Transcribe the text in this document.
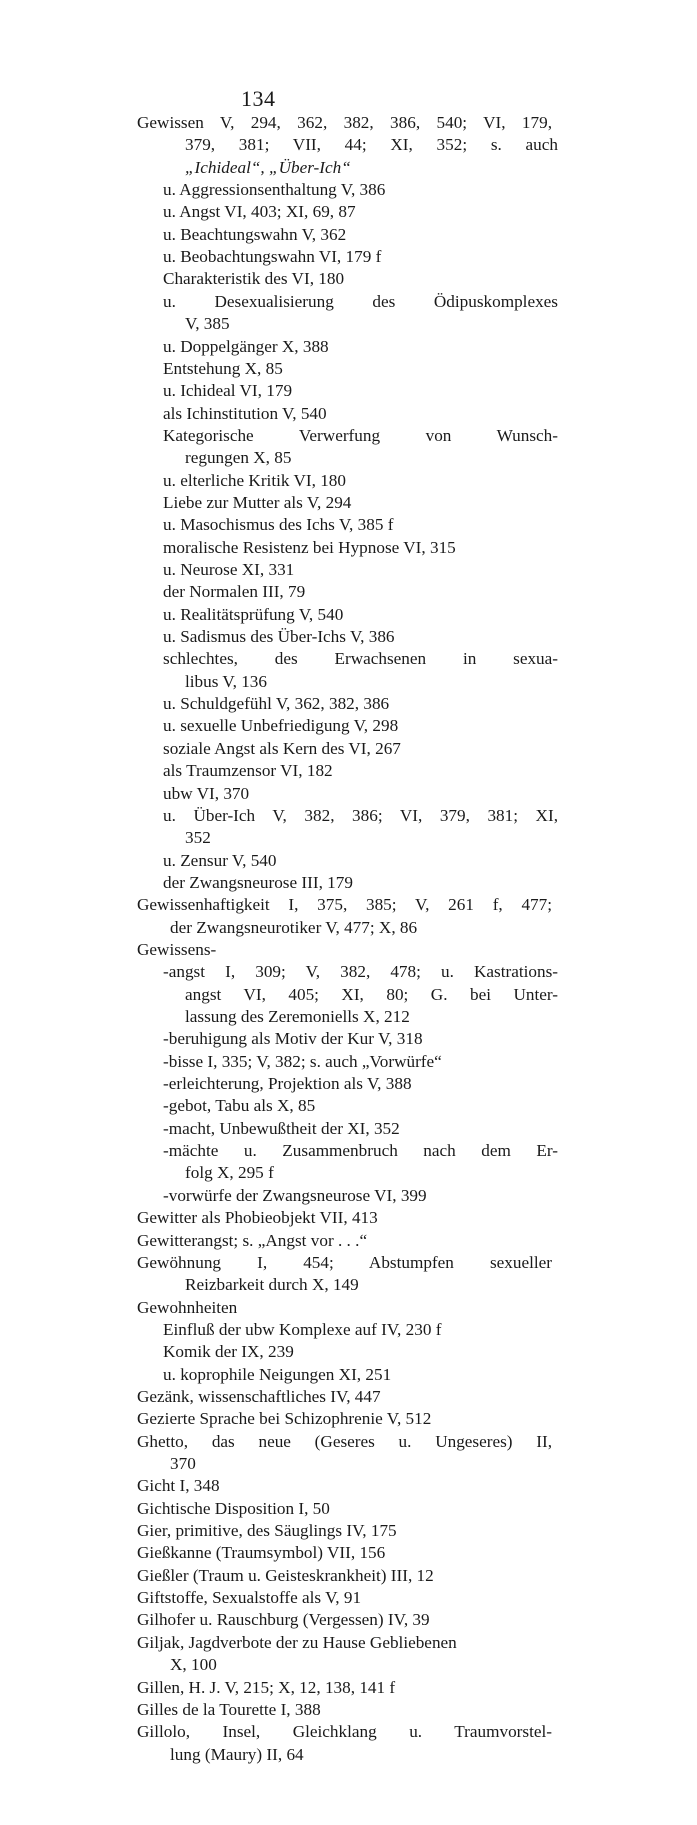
134
Gewissen V, 294, 362, 382, 386, 540; VI, 179,
379, 381; VII, 44; XI, 352; s. auch
„Ichideal“, „Über-Ich“
u. Aggressionsenthaltung V, 386
u. Angst VI, 403; XI, 69, 87
u. Beachtungswahn V, 362
u. Beobachtungswahn VI, 179 f
Charakteristik des VI, 180
u. Desexualisierung des Ödipuskomplexes
V, 385
u. Doppelgänger X, 388
Entstehung X, 85
u. Ichideal VI, 179
als Ichinstitution V, 540
Kategorische Verwerfung von Wunsch-
regungen X, 85
u. elterliche Kritik VI, 180
Liebe zur Mutter als V, 294
u. Masochismus des Ichs V, 385 f
moralische Resistenz bei Hypnose VI, 315
u. Neurose XI, 331
der Normalen III, 79
u. Realitätsprüfung V, 540
u. Sadismus des Über-Ichs V, 386
schlechtes, des Erwachsenen in sexua-
libus V, 136
u. Schuldgefühl V, 362, 382, 386
u. sexuelle Unbefriedigung V, 298
soziale Angst als Kern des VI, 267
als Traumzensor VI, 182
ubw VI, 370
u. Über-Ich V, 382, 386; VI, 379, 381; XI,
352
u. Zensur V, 540
der Zwangsneurose III, 179
Gewissenhaftigkeit I, 375, 385; V, 261 f, 477;
der Zwangsneurotiker V, 477; X, 86
Gewissens-
-angst I, 309; V, 382, 478; u. Kastrations-
angst VI, 405; XI, 80; G. bei Unter-
lassung des Zeremoniells X, 212
-beruhigung als Motiv der Kur V, 318
-bisse I, 335; V, 382; s. auch „Vorwürfe“
-erleichterung, Projektion als V, 388
-gebot, Tabu als X, 85
-macht, Unbewußtheit der XI, 352
-mächte u. Zusammenbruch nach dem Er-
folg X, 295 f
-vorwürfe der Zwangsneurose VI, 399
Gewitter als Phobieobjekt VII, 413
Gewitterangst; s. „Angst vor . . .“
Gewöhnung I, 454; Abstumpfen sexueller
Reizbarkeit durch X, 149
Gewohnheiten
Einfluß der ubw Komplexe auf IV, 230 f
Komik der IX, 239
u. koprophile Neigungen XI, 251
Gezänk, wissenschaftliches IV, 447
Gezierte Sprache bei Schizophrenie V, 512
Ghetto, das neue (Geseres u. Ungeseres) II,
370
Gicht I, 348
Gichtische Disposition I, 50
Gier, primitive, des Säuglings IV, 175
Gießkanne (Traumsymbol) VII, 156
Gießler (Traum u. Geisteskrankheit) III, 12
Giftstoffe, Sexualstoffe als V, 91
Gilhofer u. Rauschburg (Vergessen) IV, 39
Giljak, Jagdverbote der zu Hause Gebliebenen
X, 100
Gillen, H. J. V, 215; X, 12, 138, 141 f
Gilles de la Tourette I, 388
Gillolo, Insel, Gleichklang u. Traumvorstel-
lung (Maury) II, 64
